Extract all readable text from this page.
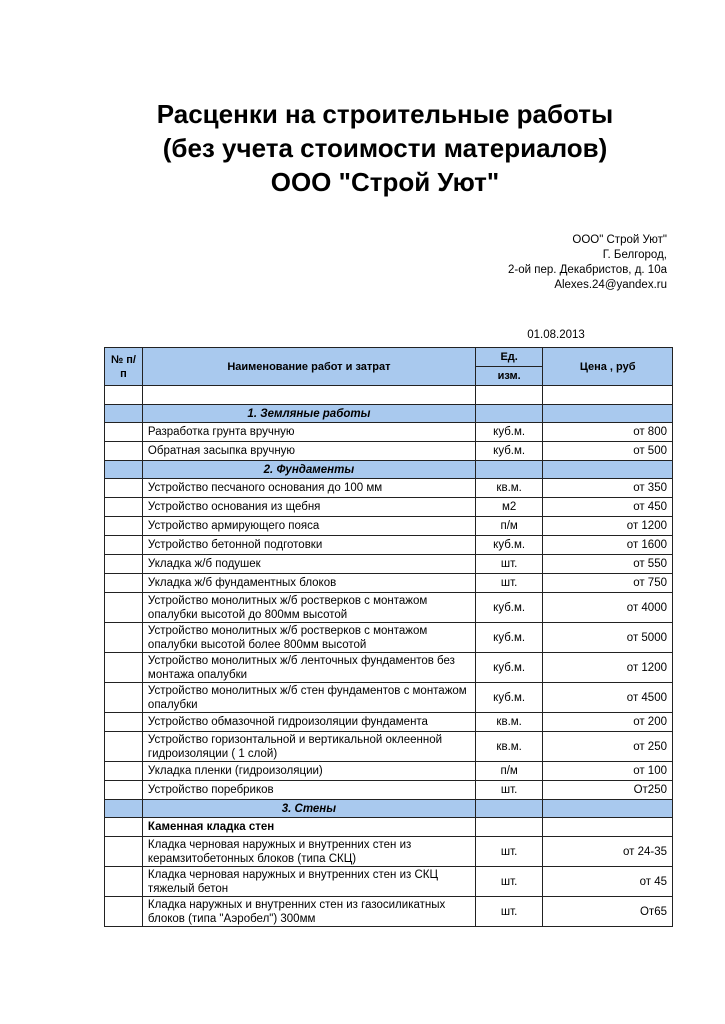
Расценки на строительные работы
(без учета стоимости материалов)
ООО "Строй Уют"
ООО" Строй Уют"
Г. Белгород,
2-ой пер. Декабристов, д. 10а
Alexes.24@yandex.ru
01.08.2013
№ п/п	Наименование работ и затрат	Ед.	Цена , руб
		изм.	

	1. Земляные работы		
	Разработка грунта вручную	куб.м.	от 800
	Обратная засыпка вручную	куб.м.	от 500
	2. Фундаменты		
	Устройство песчаного основания до 100 мм	кв.м.	от 350
	Устройство основания из щебня	м2	от 450
	Устройство армирующего пояса	п/м	от 1200
	Устройство бетонной подготовки	куб.м.	от 1600
	Укладка ж/б подушек	шт.	от 550
	Укладка ж/б фундаментных блоков	шт.	от 750
	Устройство монолитных ж/б ростверков с монтажом опалубки высотой до 800мм высотой	куб.м.	от 4000
	Устройство монолитных ж/б ростверков с монтажом опалубки высотой более 800мм высотой	куб.м.	от 5000
	Устройство монолитных ж/б ленточных фундаментов без монтажа опалубки	куб.м.	от 1200
	Устройство монолитных ж/б стен фундаментов с монтажом опалубки	куб.м.	от 4500
	Устройство обмазочной гидроизоляции фундамента	кв.м.	от 200
	Устройство горизонтальной и вертикальной оклеенной гидроизоляции ( 1 слой)	кв.м.	от 250
	Укладка пленки (гидроизоляции)	п/м	от 100
	Устройство поребриков	шт.	От250
	3. Стены		
	Каменная кладка стен		
	Кладка черновая наружных и внутренних стен из керамзитобетонных блоков (типа СКЦ)	шт.	от 24-35
	Кладка черновая наружных и внутренних стен из СКЦ тяжелый бетон	шт.	от 45
	Кладка наружных и внутренних стен из газосиликатных блоков (типа "Аэробел") 300мм	шт.	От65
